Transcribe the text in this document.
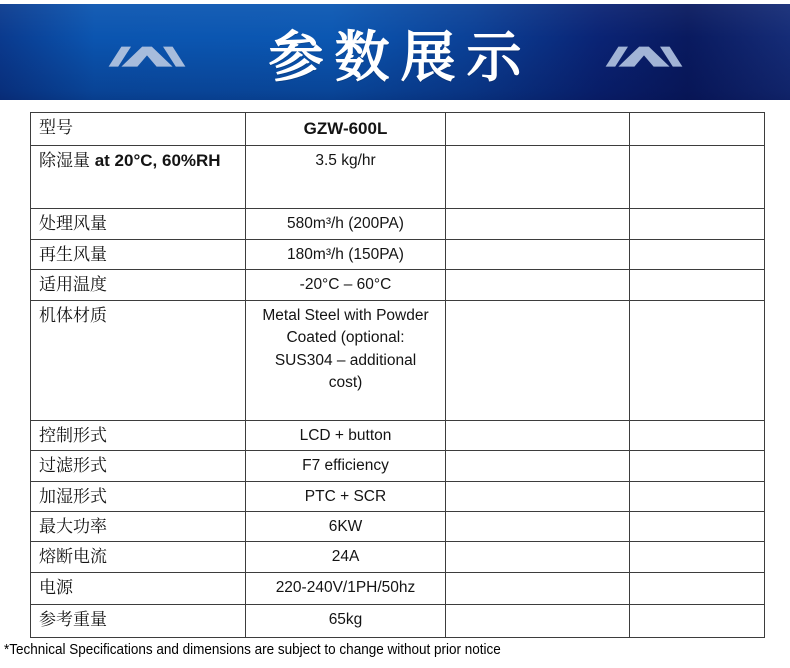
参数展示
型号	GZW-600L		
除湿量 at 20°C, 60%RH	3.5 kg/hr		
处理风量	580m³/h (200PA)		
再生风量	180m³/h (150PA)		
适用温度	-20°C – 60°C		
机体材质	Metal Steel with Powder Coated (optional: SUS304 – additional cost)		
控制形式	LCD + button		
过滤形式	F7 efficiency		
加湿形式	PTC + SCR		
最大功率	6KW		
熔断电流	24A		
电源	220-240V/1PH/50hz		
参考重量	65kg		
*Technical Specifications and dimensions are subject to change without prior notice
